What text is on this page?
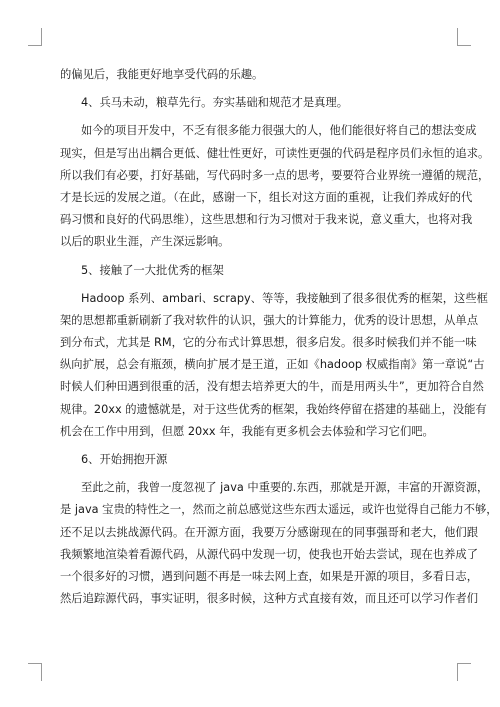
的偏见后，我能更好地享受代码的乐趣。
4、兵马未动，粮草先行。夯实基础和规范才是真理。
如今的项目开发中，不乏有很多能力很强大的人，他们能很好将自己的想法变成
现实，但是写出出耦合更低、健壮性更好，可读性更强的代码是程序员们永恒的追求。
所以我们有必要，打好基础，写代码时多一点的思考，要要符合业界统一遵循的规范，
才是长远的发展之道。（在此，感谢一下，组长对这方面的重视，让我们养成好的代
码习惯和良好的代码思维），这些思想和行为习惯对于我来说，意义重大，也将对我
以后的职业生涯，产生深远影响。
5、接触了一大批优秀的框架
Hadoop 系列、ambari、scrapy、等等，我接触到了很多很优秀的框架，这些框
架的思想都重新刷新了我对软件的认识，强大的计算能力，优秀的设计思想，从单点
到分布式，尤其是 RM，它的分布式计算思想，很多启发。很多时候我们并不能一味
纵向扩展，总会有瓶颈，横向扩展才是王道，正如《hadoop 权威指南》第一章说“古
时候人们种田遇到很重的活，没有想去培养更大的牛，而是用两头牛”，更加符合自然
规律。20xx 的遗憾就是，对于这些优秀的框架，我始终停留在搭建的基础上，没能有
机会在工作中用到，但愿 20xx 年，我能有更多机会去体验和学习它们吧。
6、开始拥抱开源
至此之前，我曾一度忽视了 java 中重要的.东西，那就是开源，丰富的开源资源，
是 java 宝贵的特性之一，然而之前总感觉这些东西太遥远，或许也觉得自己能力不够，
还不足以去挑战源代码。在开源方面，我要万分感谢现在的同事强哥和老大，他们跟
我频繁地渲染着看源代码，从源代码中发现一切，使我也开始去尝试，现在也养成了
一个很多好的习惯，遇到问题不再是一味去网上查，如果是开源的项目，多看日志，
然后追踪源代码，事实证明，很多时候，这种方式直接有效，而且还可以学习作者们
